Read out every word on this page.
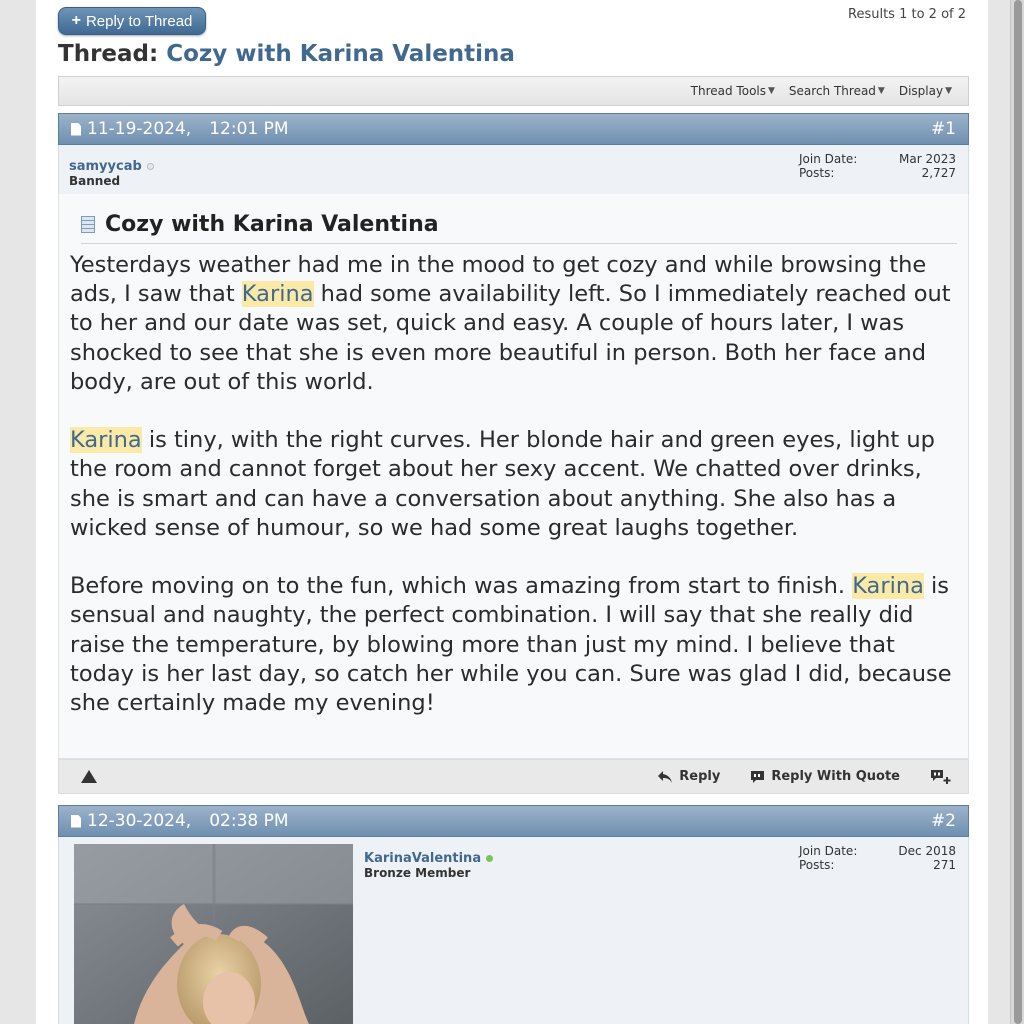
+ Reply to Thread	Results 1 to 2 of 2
Thread: Cozy with Karina Valentina
Thread Tools ▼ Search Thread ▼ Display ▼
11-19-2024, 12:01 PM	#1
samyycab
Banned
Join Date:	Mar 2023
Posts:	2,727
Cozy with Karina Valentina

Yesterdays weather had me in the mood to get cozy and while browsing the ads, I saw that Karina had some availability left. So I immediately reached out to her and our date was set, quick and easy. A couple of hours later, I was shocked to see that she is even more beautiful in person. Both her face and body, are out of this world.

Karina is tiny, with the right curves. Her blonde hair and green eyes, light up the room and cannot forget about her sexy accent. We chatted over drinks, she is smart and can have a conversation about anything. She also has a wicked sense of humour, so we had some great laughs together.

Before moving on to the fun, which was amazing from start to finish. Karina is sensual and naughty, the perfect combination. I will say that she really did raise the temperature, by blowing more than just my mind. I believe that today is her last day, so catch her while you can. Sure was glad I did, because she certainly made my evening!

Reply	Reply With Quote
12-30-2024, 02:38 PM	#2
KarinaValentina
Bronze Member
Join Date:	Dec 2018
Posts:	271
